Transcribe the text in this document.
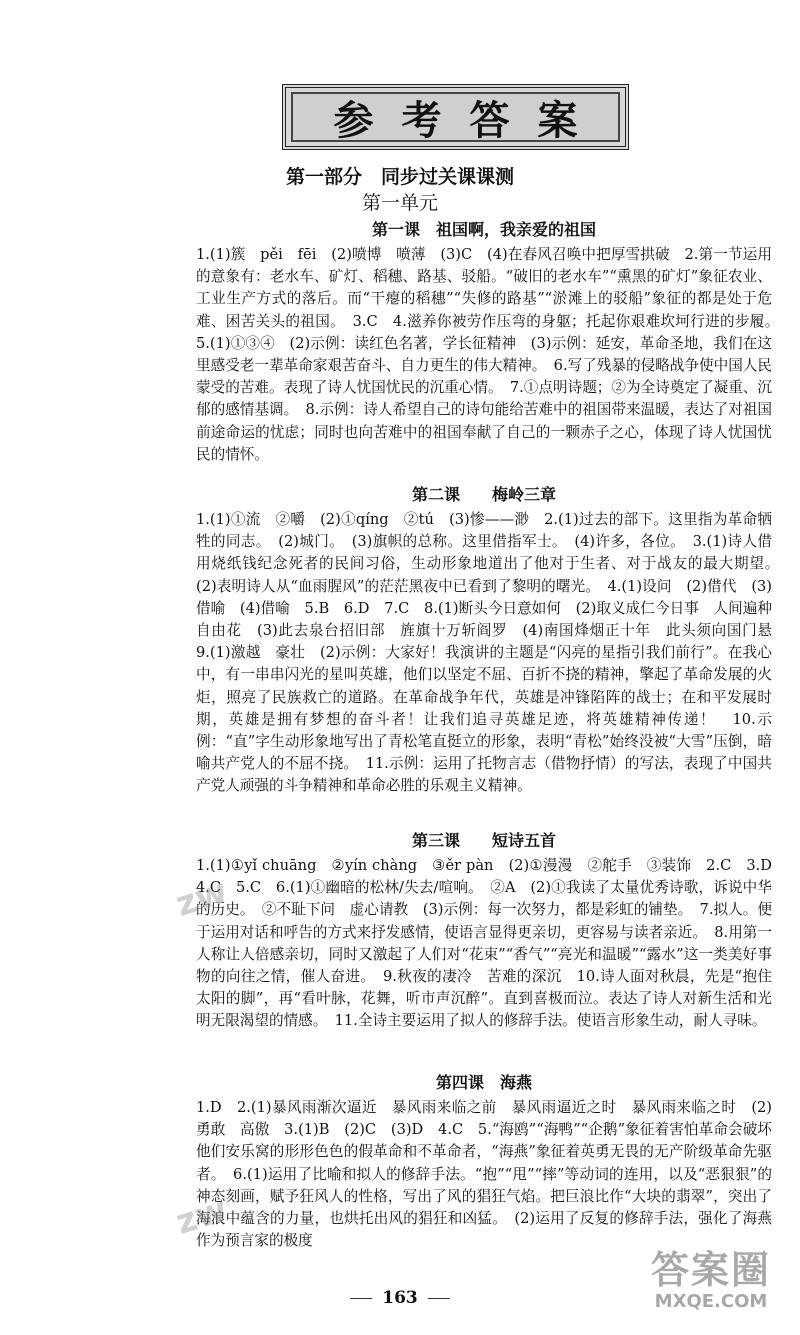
参考答案
第一部分　同步过关课课测
第一单元
第一课　祖国啊，我亲爱的祖国

1.(1)簇　pěi　fēi　(2)喷博　喷薄　(3)C　(4)在春风召唤中把厚雪拱破　2.第一节运用的意象有：老水车、矿灯、稻穗、路基、驳船。“破旧的老水车”“熏黑的矿灯”象征农业、工业生产方式的落后。而“干瘪的稻穗”“失修的路基”“淤滩上的驳船”象征的都是处于危难、困苦关头的祖国。　3.C　4.滋养你被劳作压弯的身躯；托起你艰难坎坷行进的步履。　5.(1)①③④　(2)示例：读红色名著，学长征精神　(3)示例：延安，革命圣地，我们在这里感受老一辈革命家艰苦奋斗、自力更生的伟大精神。　6.写了残暴的侵略战争使中国人民蒙受的苦难。表现了诗人忧国忧民的沉重心情。　7.①点明诗题；②为全诗奠定了凝重、沉郁的感情基调。　8.示例：诗人希望自己的诗句能给苦难中的祖国带来温暖，表达了对祖国前途命运的忧虑；同时也向苦难中的祖国奉献了自己的一颗赤子之心，体现了诗人忧国忧民的情怀。

第二课　　梅岭三章

1.(1)①流　②嚼　(2)①qíng　②tú　(3)惨——渺　2.(1)过去的部下。这里指为革命牺牲的同志。　(2)城门。　(3)旗帜的总称。这里借指军士。　(4)许多，各位。　3.(1)诗人借用烧纸钱纪念死者的民间习俗，生动形象地道出了他对于生者、对于战友的最大期望。　(2)表明诗人从“血雨腥风”的茫茫黑夜中已看到了黎明的曙光。　4.(1)设问　(2)借代　(3)借喻　(4)借喻　5.B　6.D　7.C　8.(1)断头今日意如何　(2)取义成仁今日事　人间遍种自由花　(3)此去泉台招旧部　旌旗十万斩阎罗　(4)南国烽烟正十年　此头须向国门悬　9.(1)激越　豪壮　(2)示例：大家好！我演讲的主题是“闪亮的星指引我们前行”。在我心中，有一串串闪光的星叫英雄，他们以坚定不屈、百折不挠的精神，擎起了革命发展的火炬，照亮了民族救亡的道路。在革命战争年代，英雄是冲锋陷阵的战士；在和平发展时期，英雄是拥有梦想的奋斗者！让我们追寻英雄足迹，将英雄精神传递！　10.示例：“直”字生动形象地写出了青松笔直挺立的形象，表明“青松”始终没被“大雪”压倒，暗喻共产党人的不屈不挠。　11.示例：运用了托物言志（借物抒情）的写法，表现了中国共产党人顽强的斗争精神和革命必胜的乐观主义精神。

第三课　　短诗五首

1.(1)①yǐ chuāng　②yín chàng　③ěr pàn　(2)①漫漫　②舵手　③装饰　2.C　3.D　4.C　5.C　6.(1)①幽暗的松林/失去/喧响。　②A　(2)①我读了太量优秀诗歌，诉说中华的历史。　②不耻下问　虚心请教　(3)示例：每一次努力，都是彩虹的铺垫。　7.拟人。便于运用对话和呼告的方式来抒发感情，使语言显得更亲切，更容易与读者亲近。　8.用第一人称让人倍感亲切，同时又激起了人们对“花束”“香气”“亮光和温暖”“露水”这一类美好事物的向往之情，催人奋进。　9.秋夜的凄冷　苦难的深沉　10.诗人面对秋晨，先是“抱住太阳的脚”，再“看叶脉，花舞，听市声沉醉”。直到喜极而泣。表达了诗人对新生活和光明无限渴望的情感。　11.全诗主要运用了拟人的修辞手法。使语言形象生动，耐人寻味。

第四课　海燕

1.D　2.(1)暴风雨渐次逼近　暴风雨来临之前　暴风雨逼近之时　暴风雨来临之时　(2)勇敢　高傲　3.(1)B　(2)C　(3)D　4.C　5.“海鸥”“海鸭”“企鹅”象征着害怕革命会破坏他们安乐窝的形形色色的假革命和不革命者，“海燕”象征着英勇无畏的无产阶级革命先驱者。　6.(1)运用了比喻和拟人的修辞手法。“抱”“甩”“摔”等动词的连用，以及“恶狠狠”的神态刻画，赋予狂风人的性格，写出了风的猖狂气焰。把巨浪比作“大块的翡翠”，突出了海浪中蕴含的力量，也烘托出风的猖狂和凶猛。　(2)运用了反复的修辞手法，强化了海燕作为预言家的极度

zw
zw
163
答案圈
MXQE.COM
